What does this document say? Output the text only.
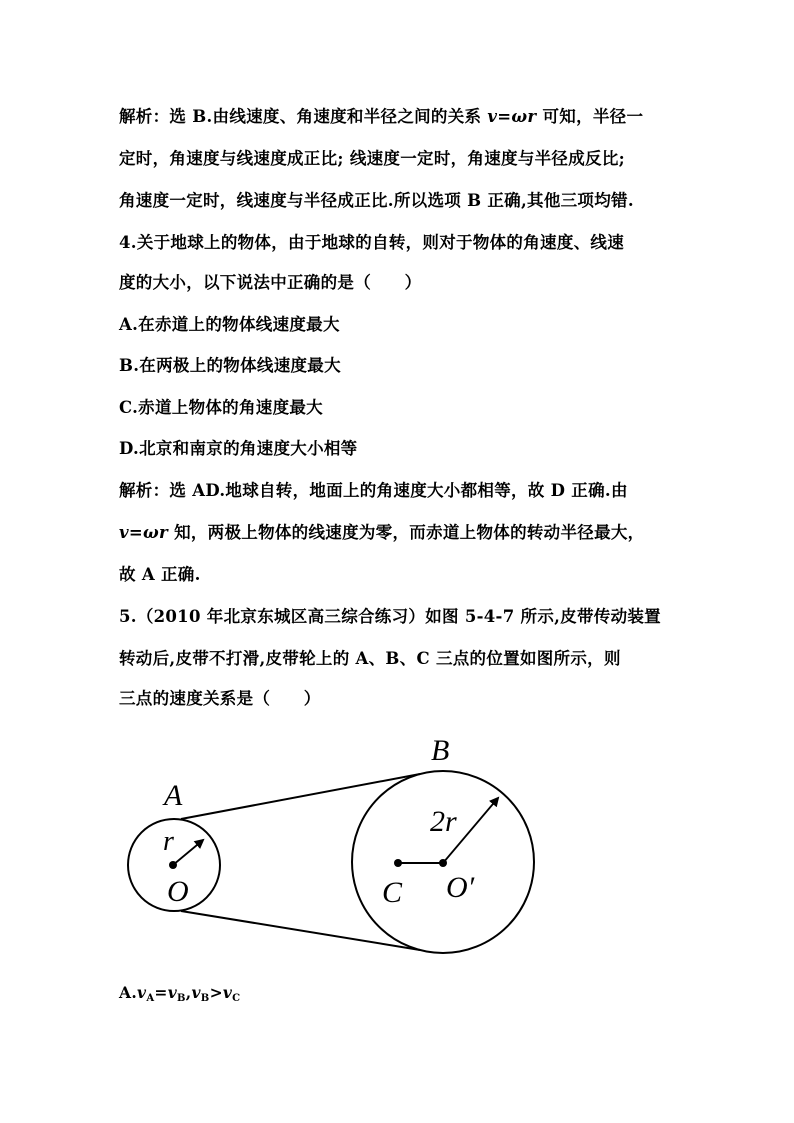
解析：选 B.由线速度、角速度和半径之间的关系 v=ωr 可知，半径一
定时，角速度与线速度成正比; 线速度一定时，角速度与半径成反比;
角速度一定时，线速度与半径成正比.所以选项 B 正确,其他三项均错.
4.关于地球上的物体，由于地球的自转，则对于物体的角速度、线速
度的大小，以下说法中正确的是（　　）
A.在赤道上的物体线速度最大
B.在两极上的物体线速度最大
C.赤道上物体的角速度最大
D.北京和南京的角速度大小相等
解析：选 AD.地球自转，地面上的角速度大小都相等，故 D 正确.由
v=ωr 知，两极上物体的线速度为零，而赤道上物体的转动半径最大，
故 A 正确.
5.（2010 年北京东城区高三综合练习）如图 5-4-7 所示,皮带传动装置
转动后,皮带不打滑,皮带轮上的 A、B、C 三点的位置如图所示，则
三点的速度关系是（　　）
A
B
r
2r
O	O′
C
$A.v_A=v_B,v_B>v_C$
